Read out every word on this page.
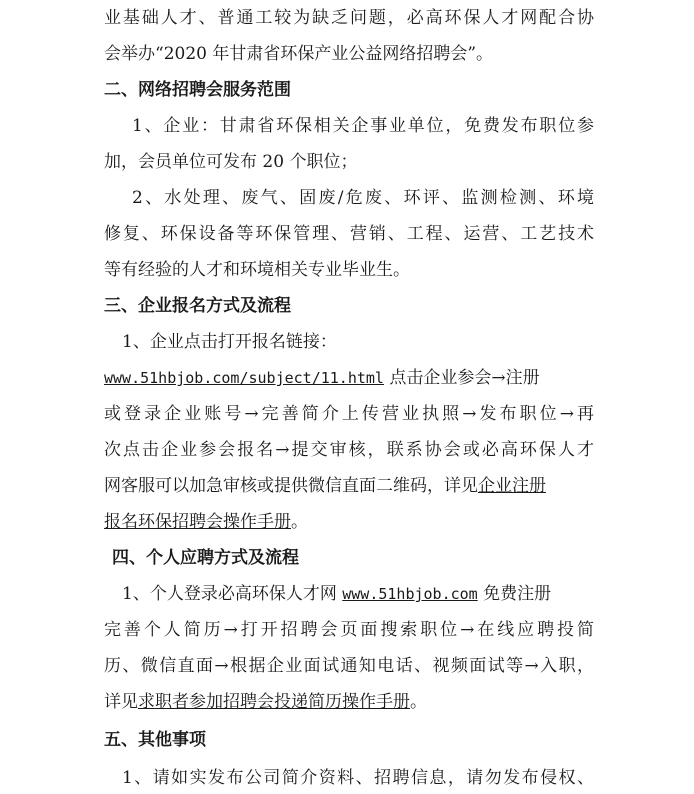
业基础人才、普通工较为缺乏问题，必高环保人才网配合协
会举办“2020 年甘肃省环保产业公益网络招聘会”。
二、网络招聘会服务范围
1、企业：甘肃省环保相关企事业单位，免费发布职位参
加，会员单位可发布 20 个职位；
2、水处理、废气、固废/危废、环评、监测检测、环境
修复、环保设备等环保管理、营销、工程、运营、工艺技术
等有经验的人才和环境相关专业毕业生。
三、企业报名方式及流程
1、企业点击打开报名链接：
www.51hbjob.com/subject/11.html 点击企业参会→注册
或登录企业账号→完善简介上传营业执照→发布职位→再
次点击企业参会报名→提交审核，联系协会或必高环保人才
网客服可以加急审核或提供微信直面二维码，详见企业注册
报名环保招聘会操作手册。
四、个人应聘方式及流程
1、个人登录必高环保人才网 www.51hbjob.com 免费注册
完善个人简历→打开招聘会页面搜索职位→在线应聘投简
历、微信直面→根据企业面试通知电话、视频面试等→入职，
详见求职者参加招聘会投递简历操作手册。
五、其他事项
1、请如实发布公司简介资料、招聘信息，请勿发布侵权、
